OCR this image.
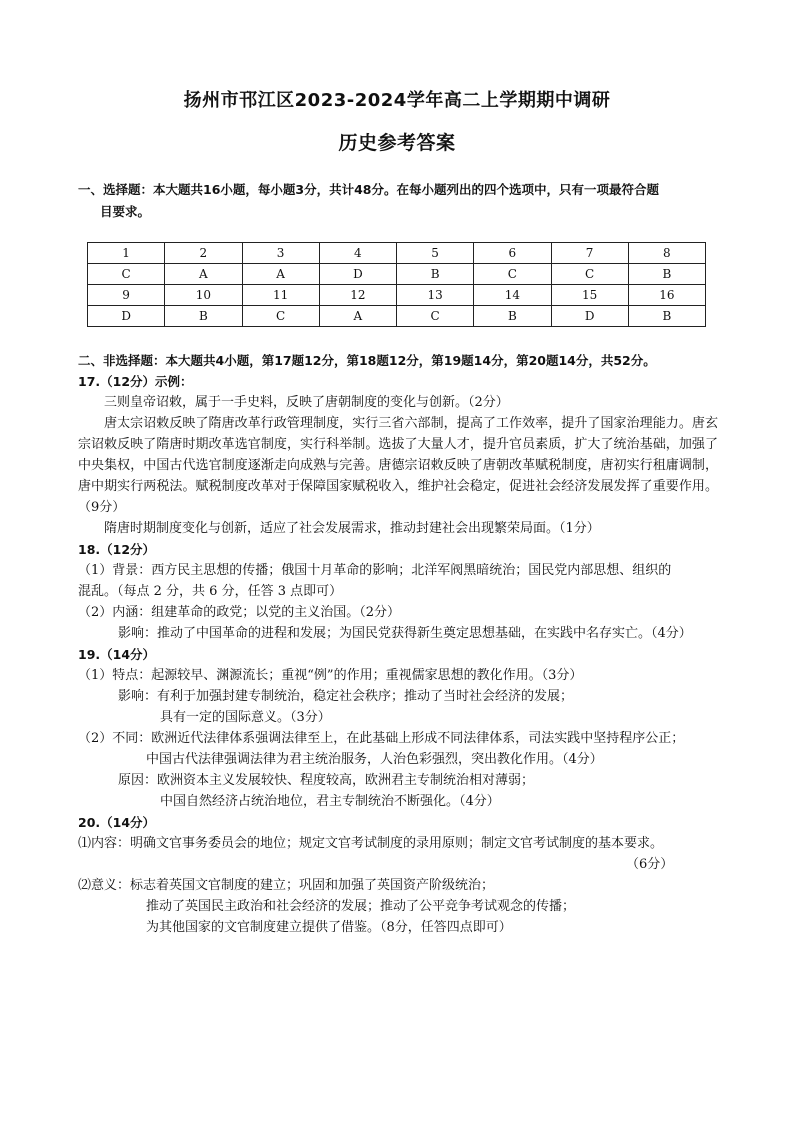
扬州市邗江区2023-2024学年高二上学期期中调研
历史参考答案
一、选择题：本大题共16小题，每小题3分，共计48分。在每小题列出的四个选项中，只有一项最符合题
目要求。
1	2	3	4	5	6	7	8
C	A	A	D	B	C	C	B
9	10	11	12	13	14	15	16
D	B	C	A	C	B	D	B
二、非选择题：本大题共4小题，第17题12分，第18题12分，第19题14分，第20题14分，共52分。
17.（12分）示例：
三则皇帝诏敕，属于一手史料，反映了唐朝制度的变化与创新。（2分）
唐太宗诏敕反映了隋唐改革行政管理制度，实行三省六部制，提高了工作效率，提升了国家治理能力。唐玄宗诏敕反映了隋唐时期改革选官制度，实行科举制。选拔了大量人才，提升官员素质，扩大了统治基础，加强了中央集权，中国古代选官制度逐渐走向成熟与完善。唐德宗诏敕反映了唐朝改革赋税制度，唐初实行租庸调制，唐中期实行两税法。赋税制度改革对于保障国家赋税收入，维护社会稳定，促进社会经济发展发挥了重要作用。（9分）
隋唐时期制度变化与创新，适应了社会发展需求，推动封建社会出现繁荣局面。（1分）
18.（12分）
（1）背景：西方民主思想的传播；俄国十月革命的影响；北洋军阀黑暗统治；国民党内部思想、组织的
混乱。（每点 2 分，共 6 分，任答 3 点即可）
（2）内涵：组建革命的政党；以党的主义治国。（2分）
影响：推动了中国革命的进程和发展；为国民党获得新生奠定思想基础，在实践中名存实亡。（4分）
19.（14分）
（1）特点：起源较早、渊源流长；重视“例”的作用；重视儒家思想的教化作用。（3分）
影响：有利于加强封建专制统治，稳定社会秩序；推动了当时社会经济的发展；
具有一定的国际意义。（3分）
（2）不同：欧洲近代法律体系强调法律至上，在此基础上形成不同法律体系，司法实践中坚持程序公正；
中国古代法律强调法律为君主统治服务，人治色彩强烈，突出教化作用。（4分）
原因：欧洲资本主义发展较快、程度较高，欧洲君主专制统治相对薄弱；
中国自然经济占统治地位，君主专制统治不断强化。（4分）
20.（14分）
⑴内容：明确文官事务委员会的地位；规定文官考试制度的录用原则；制定文官考试制度的基本要求。
（6分）
⑵意义：标志着英国文官制度的建立；巩固和加强了英国资产阶级统治；
推动了英国民主政治和社会经济的发展；推动了公平竞争考试观念的传播；
为其他国家的文官制度建立提供了借鉴。（8分，任答四点即可）
